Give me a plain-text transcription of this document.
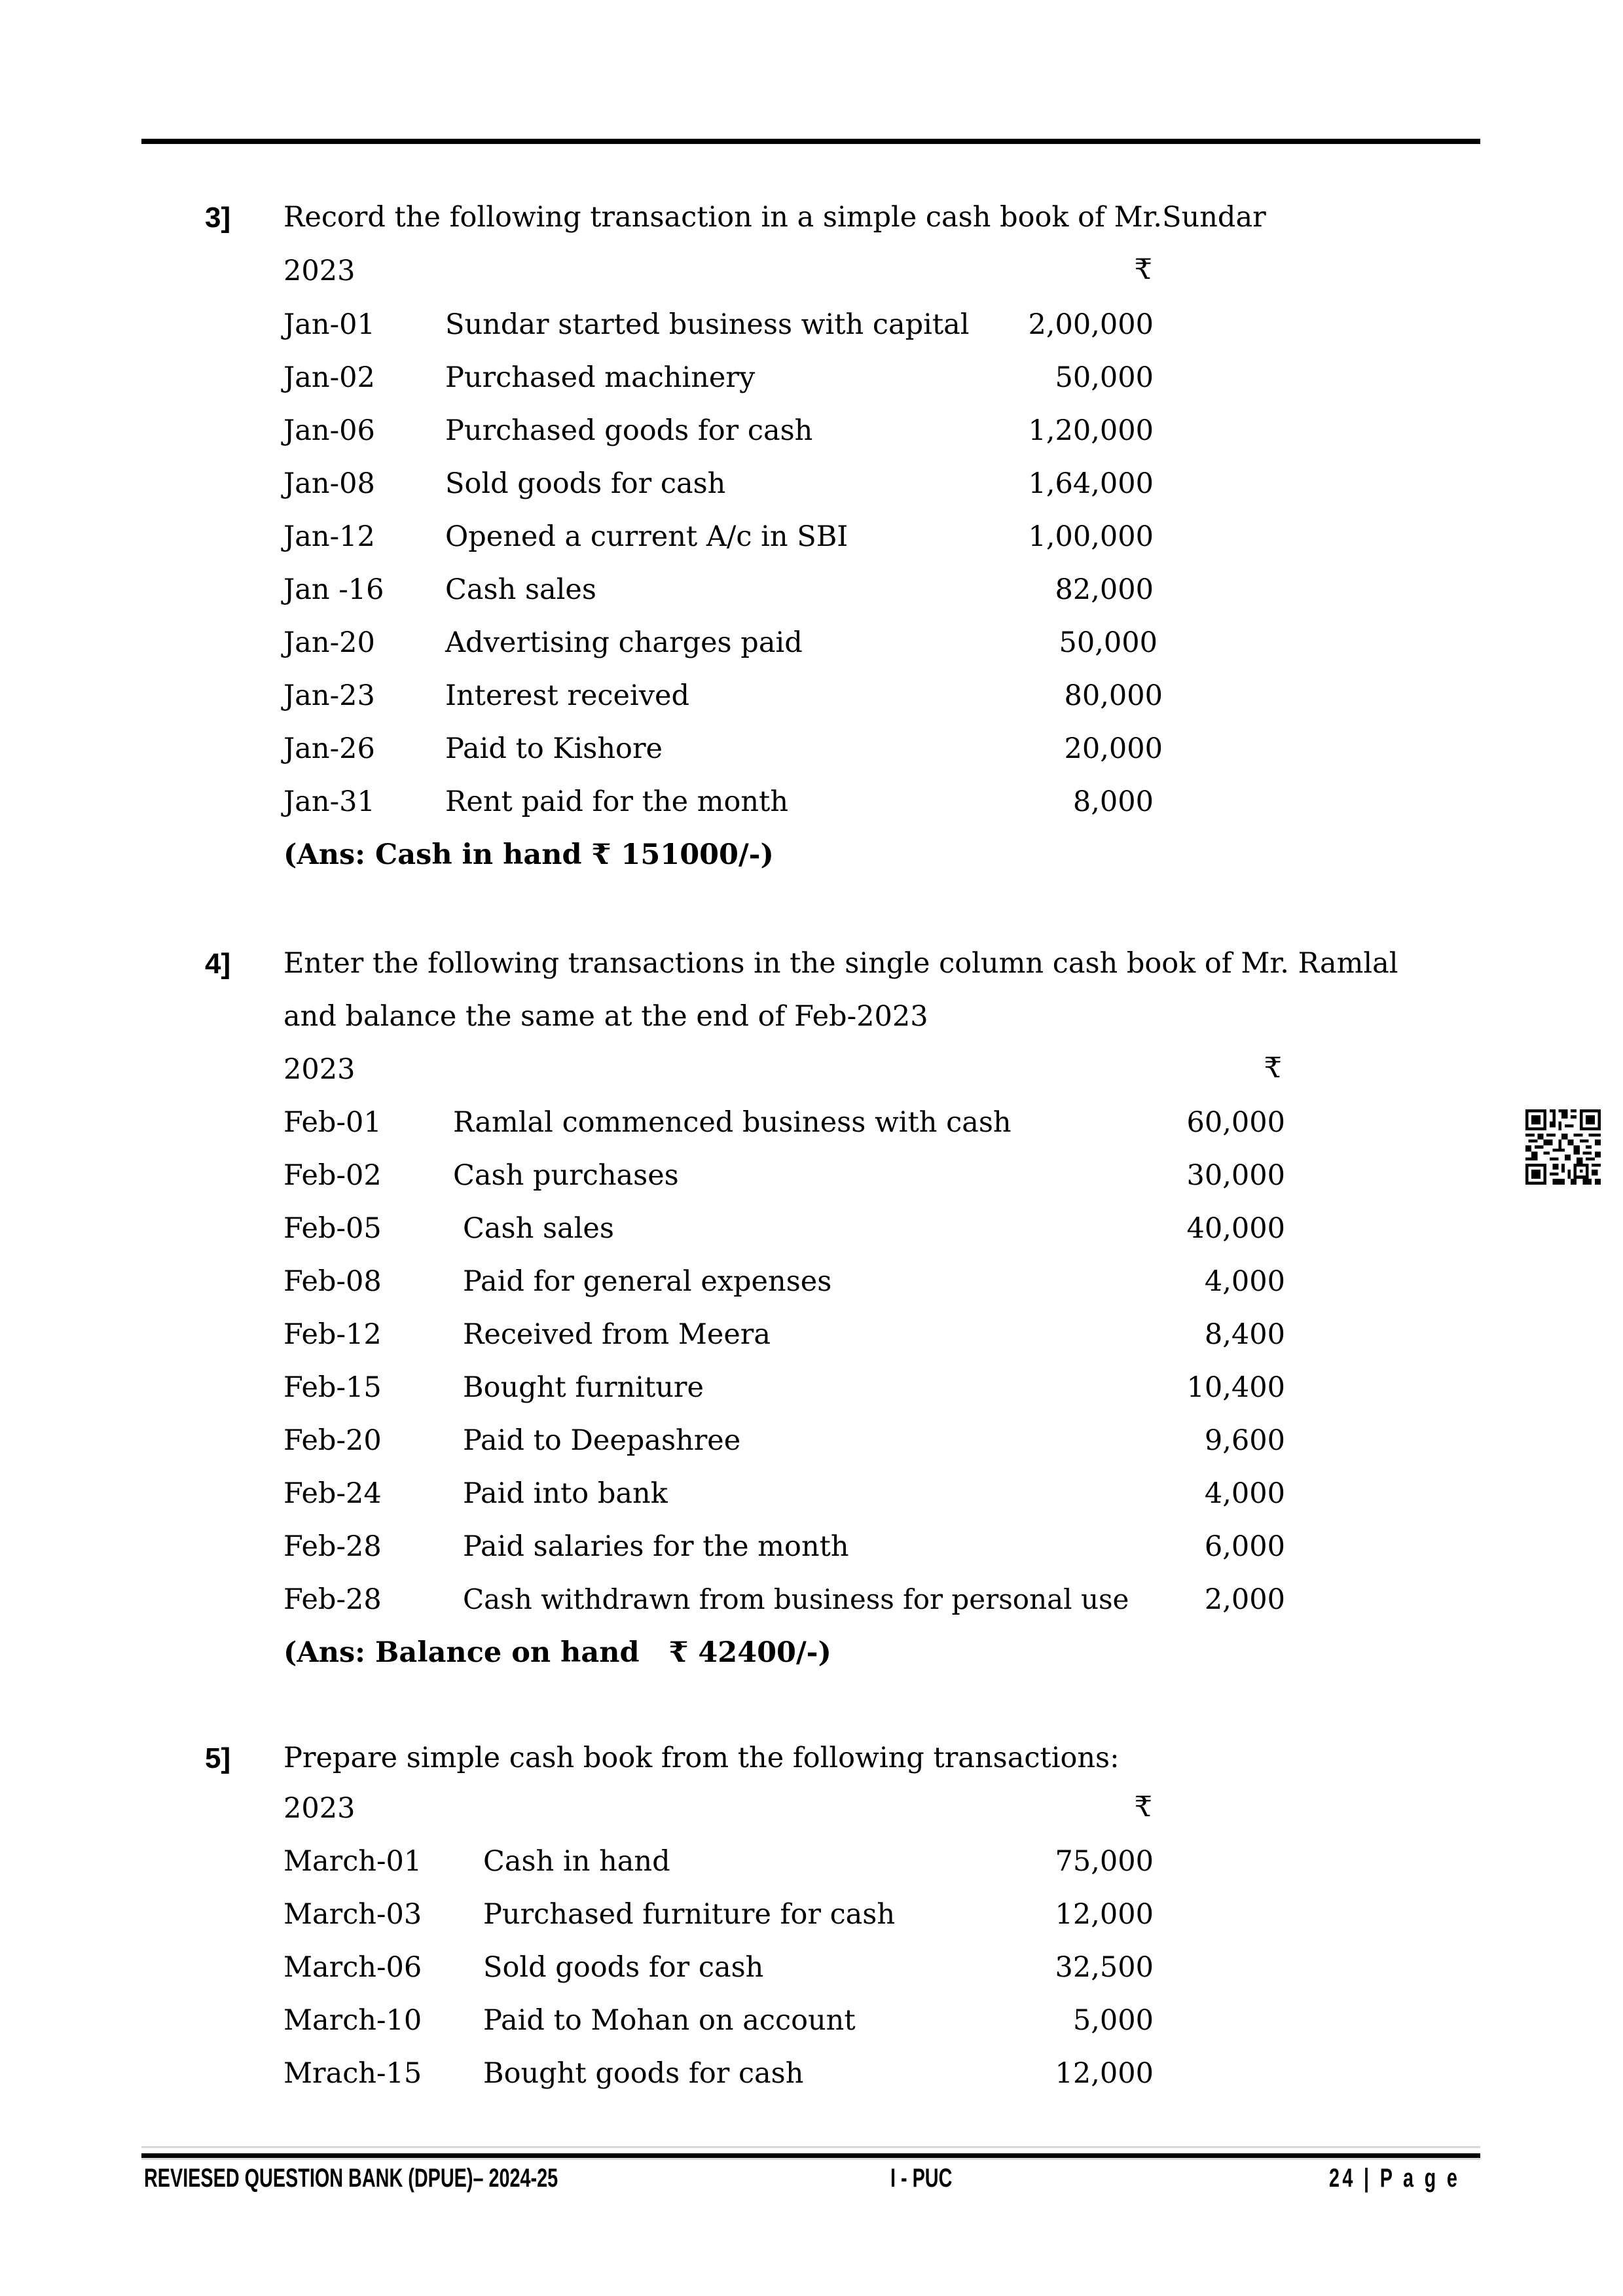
3] Record the following transaction in a simple cash book of Mr.Sundar
2023	₹
Jan-01 Sundar started business with capital	2,00,000
Jan-02 Purchased machinery	50,000
Jan-06 Purchased goods for cash	1,20,000
Jan-08 Sold goods for cash	1,64,000
Jan-12 Opened a current A/c in SBI	1,00,000
Jan -16 Cash sales	82,000
Jan-20 Advertising charges paid	50,000
Jan-23 Interest received	80,000
Jan-26 Paid to Kishore	20,000
Jan-31 Rent paid for the month	8,000
(Ans: Cash in hand ₹ 151000/-)
4] Enter the following transactions in the single column cash book of Mr. Ramlal
and balance the same at the end of Feb-2023
2023	₹
Feb-01	Ramlal commenced business with cash	60,000
Feb-02	Cash purchases	30,000
Feb-05	Cash sales	40,000
Feb-08	Paid for general expenses	4,000
Feb-12	Received from Meera	8,400
Feb-15	Bought furniture	10,400
Feb-20	Paid to Deepashree	9,600
Feb-24	Paid into bank	4,000
Feb-28	Paid salaries for the month	6,000
Feb-28	Cash withdrawn from business for personal use	2,000
(Ans: Balance on hand   ₹ 42400/-)
5] Prepare simple cash book from the following transactions:
2023	₹
March-01 Cash in hand	75,000
March-03 Purchased furniture for cash	12,000
March-06 Sold goods for cash	32,500
March-10 Paid to Mohan on account	5,000
Mrach-15 Bought goods for cash	12,000
REVIESED QUESTION BANK (DPUE)– 2024-25	I - PUC	24 | P a g e
